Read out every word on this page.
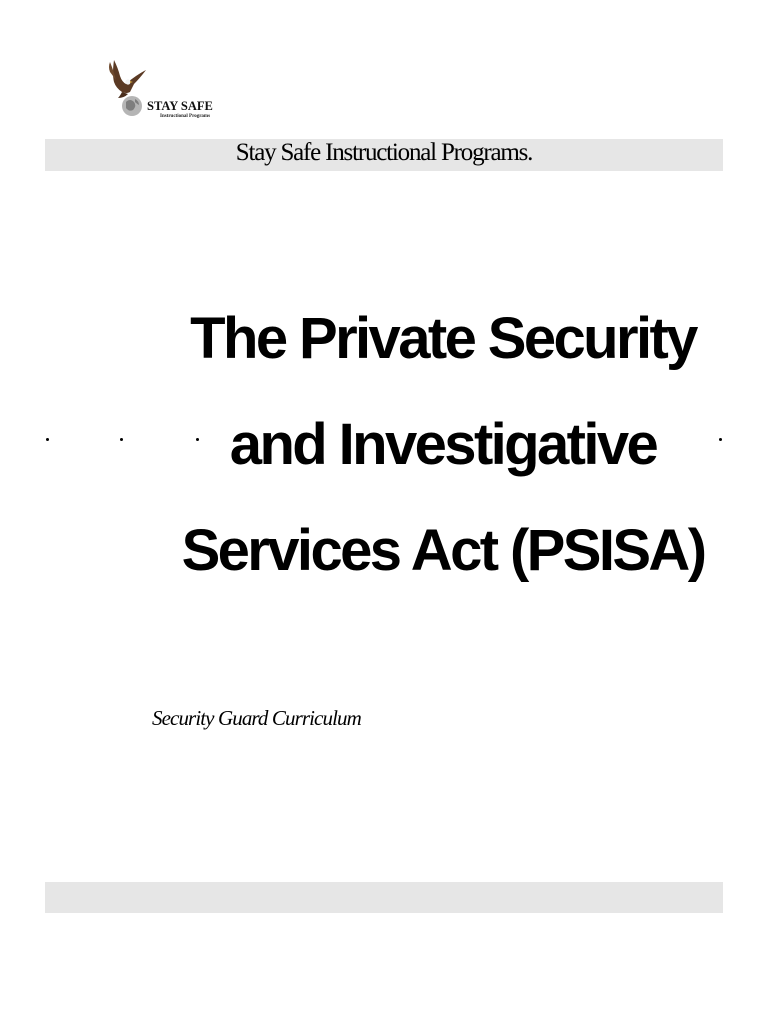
STAY SAFE
Instructional Programs
Stay Safe Instructional Programs.
The Private Security
and Investigative
Services Act (PSISA)
Security Guard Curriculum
